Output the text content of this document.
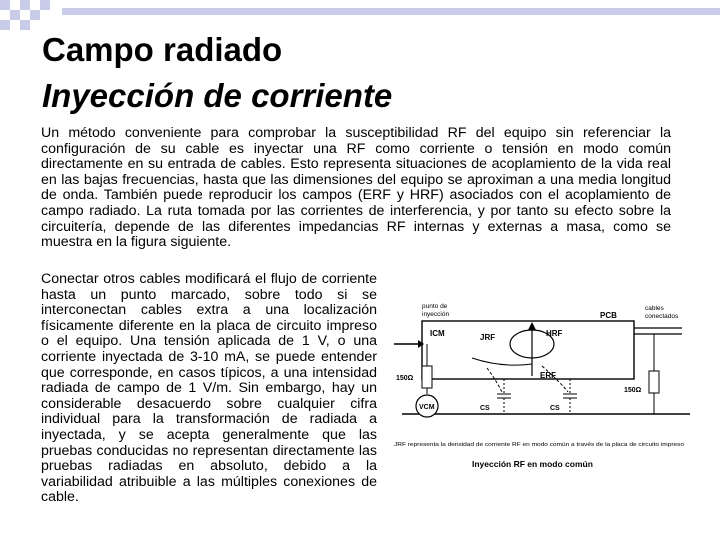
Campo radiado
Inyección de corriente

Un método conveniente para comprobar la susceptibilidad RF del equipo sin referenciar la configuración de su cable es inyectar una RF como corriente o tensión en modo común directamente en su entrada de cables. Esto representa situaciones de acoplamiento de la vida real en las bajas frecuencias, hasta que las dimensiones del equipo se aproximan a una media longitud de onda. También puede reproducir los campos (ERF y HRF) asociados con el acoplamiento de campo radiado. La ruta tomada por las corrientes de interferencia, y por tanto su efecto sobre la circuitería, depende de las diferentes impedancias RF internas y externas a masa, como se muestra en la figura siguiente.

Conectar otros cables modificará el flujo de corriente hasta un punto marcado, sobre todo si se interconectan cables extra a una localización físicamente diferente en la placa de circuito impreso o el equipo. Una tensión aplicada de 1 V, o una corriente inyectada de 3-10 mA, se puede entender que corresponde, en casos típicos, a una intensidad radiada de campo de 1 V/m. Sin embargo, hay un considerable desacuerdo sobre cualquier cifra individual para la transformación de radiada a inyectada, y se acepta generalmente que las pruebas conducidas no representan directamente las pruebas radiadas en absoluto, debido a la variabilidad atribuible a las múltiples conexiones de cable.

punto de
inyección	PCB
cables
conectados
ICM	JRF	HRF
ERF
150Ω
150Ω
VCM	CS	CS
JRF representa la densidad de corriente RF en modo común a través de la placa de circuito impreso
Inyección RF en modo común
